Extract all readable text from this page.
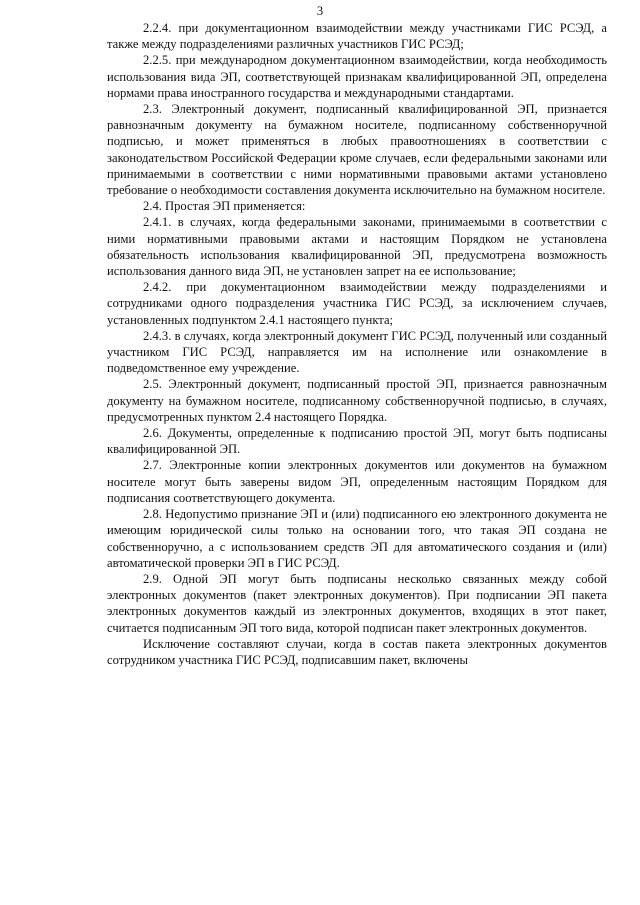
3

2.2.4. при документационном взаимодействии между участниками ГИС РСЭД, а также между подразделениями различных участников ГИС РСЭД;

2.2.5. при международном документационном взаимодействии, когда необходимость использования вида ЭП, соответствующей признакам квалифицированной ЭП, определена нормами права иностранного государства и международными стандартами.

2.3. Электронный документ, подписанный квалифицированной ЭП, признается равнозначным документу на бумажном носителе, подписанному собственноручной подписью, и может применяться в любых правоотношениях в соответствии с законодательством Российской Федерации кроме случаев, если федеральными законами или принимаемыми в соответствии с ними нормативными правовыми актами установлено требование о необходимости составления документа исключительно на бумажном носителе.

2.4. Простая ЭП применяется:

2.4.1. в случаях, когда федеральными законами, принимаемыми в соответствии с ними нормативными правовыми актами и настоящим Порядком не установлена обязательность использования квалифицированной ЭП, предусмотрена возможность использования данного вида ЭП, не установлен запрет на ее использование;

2.4.2. при документационном взаимодействии между подразделениями и сотрудниками одного подразделения участника ГИС РСЭД, за исключением случаев, установленных подпунктом 2.4.1 настоящего пункта;

2.4.3. в случаях, когда электронный документ ГИС РСЭД, полученный или созданный участником ГИС РСЭД, направляется им на исполнение или ознакомление в подведомственное ему учреждение.

2.5. Электронный документ, подписанный простой ЭП, признается равнозначным документу на бумажном носителе, подписанному собственноручной подписью, в случаях, предусмотренных пунктом 2.4 настоящего Порядка.

2.6. Документы, определенные к подписанию простой ЭП, могут быть подписаны квалифицированной ЭП.

2.7. Электронные копии электронных документов или документов на бумажном носителе могут быть заверены видом ЭП, определенным настоящим Порядком для подписания соответствующего документа.

2.8. Недопустимо признание ЭП и (или) подписанного ею электронного документа не имеющим юридической силы только на основании того, что такая ЭП создана не собственноручно, а с использованием средств ЭП для автоматического создания и (или) автоматической проверки ЭП в ГИС РСЭД.

2.9. Одной ЭП могут быть подписаны несколько связанных между собой электронных документов (пакет электронных документов). При подписании ЭП пакета электронных документов каждый из электронных документов, входящих в этот пакет, считается подписанным ЭП того вида, которой подписан пакет электронных документов.

Исключение составляют случаи, когда в состав пакета электронных документов сотрудником участника ГИС РСЭД, подписавшим пакет, включены
